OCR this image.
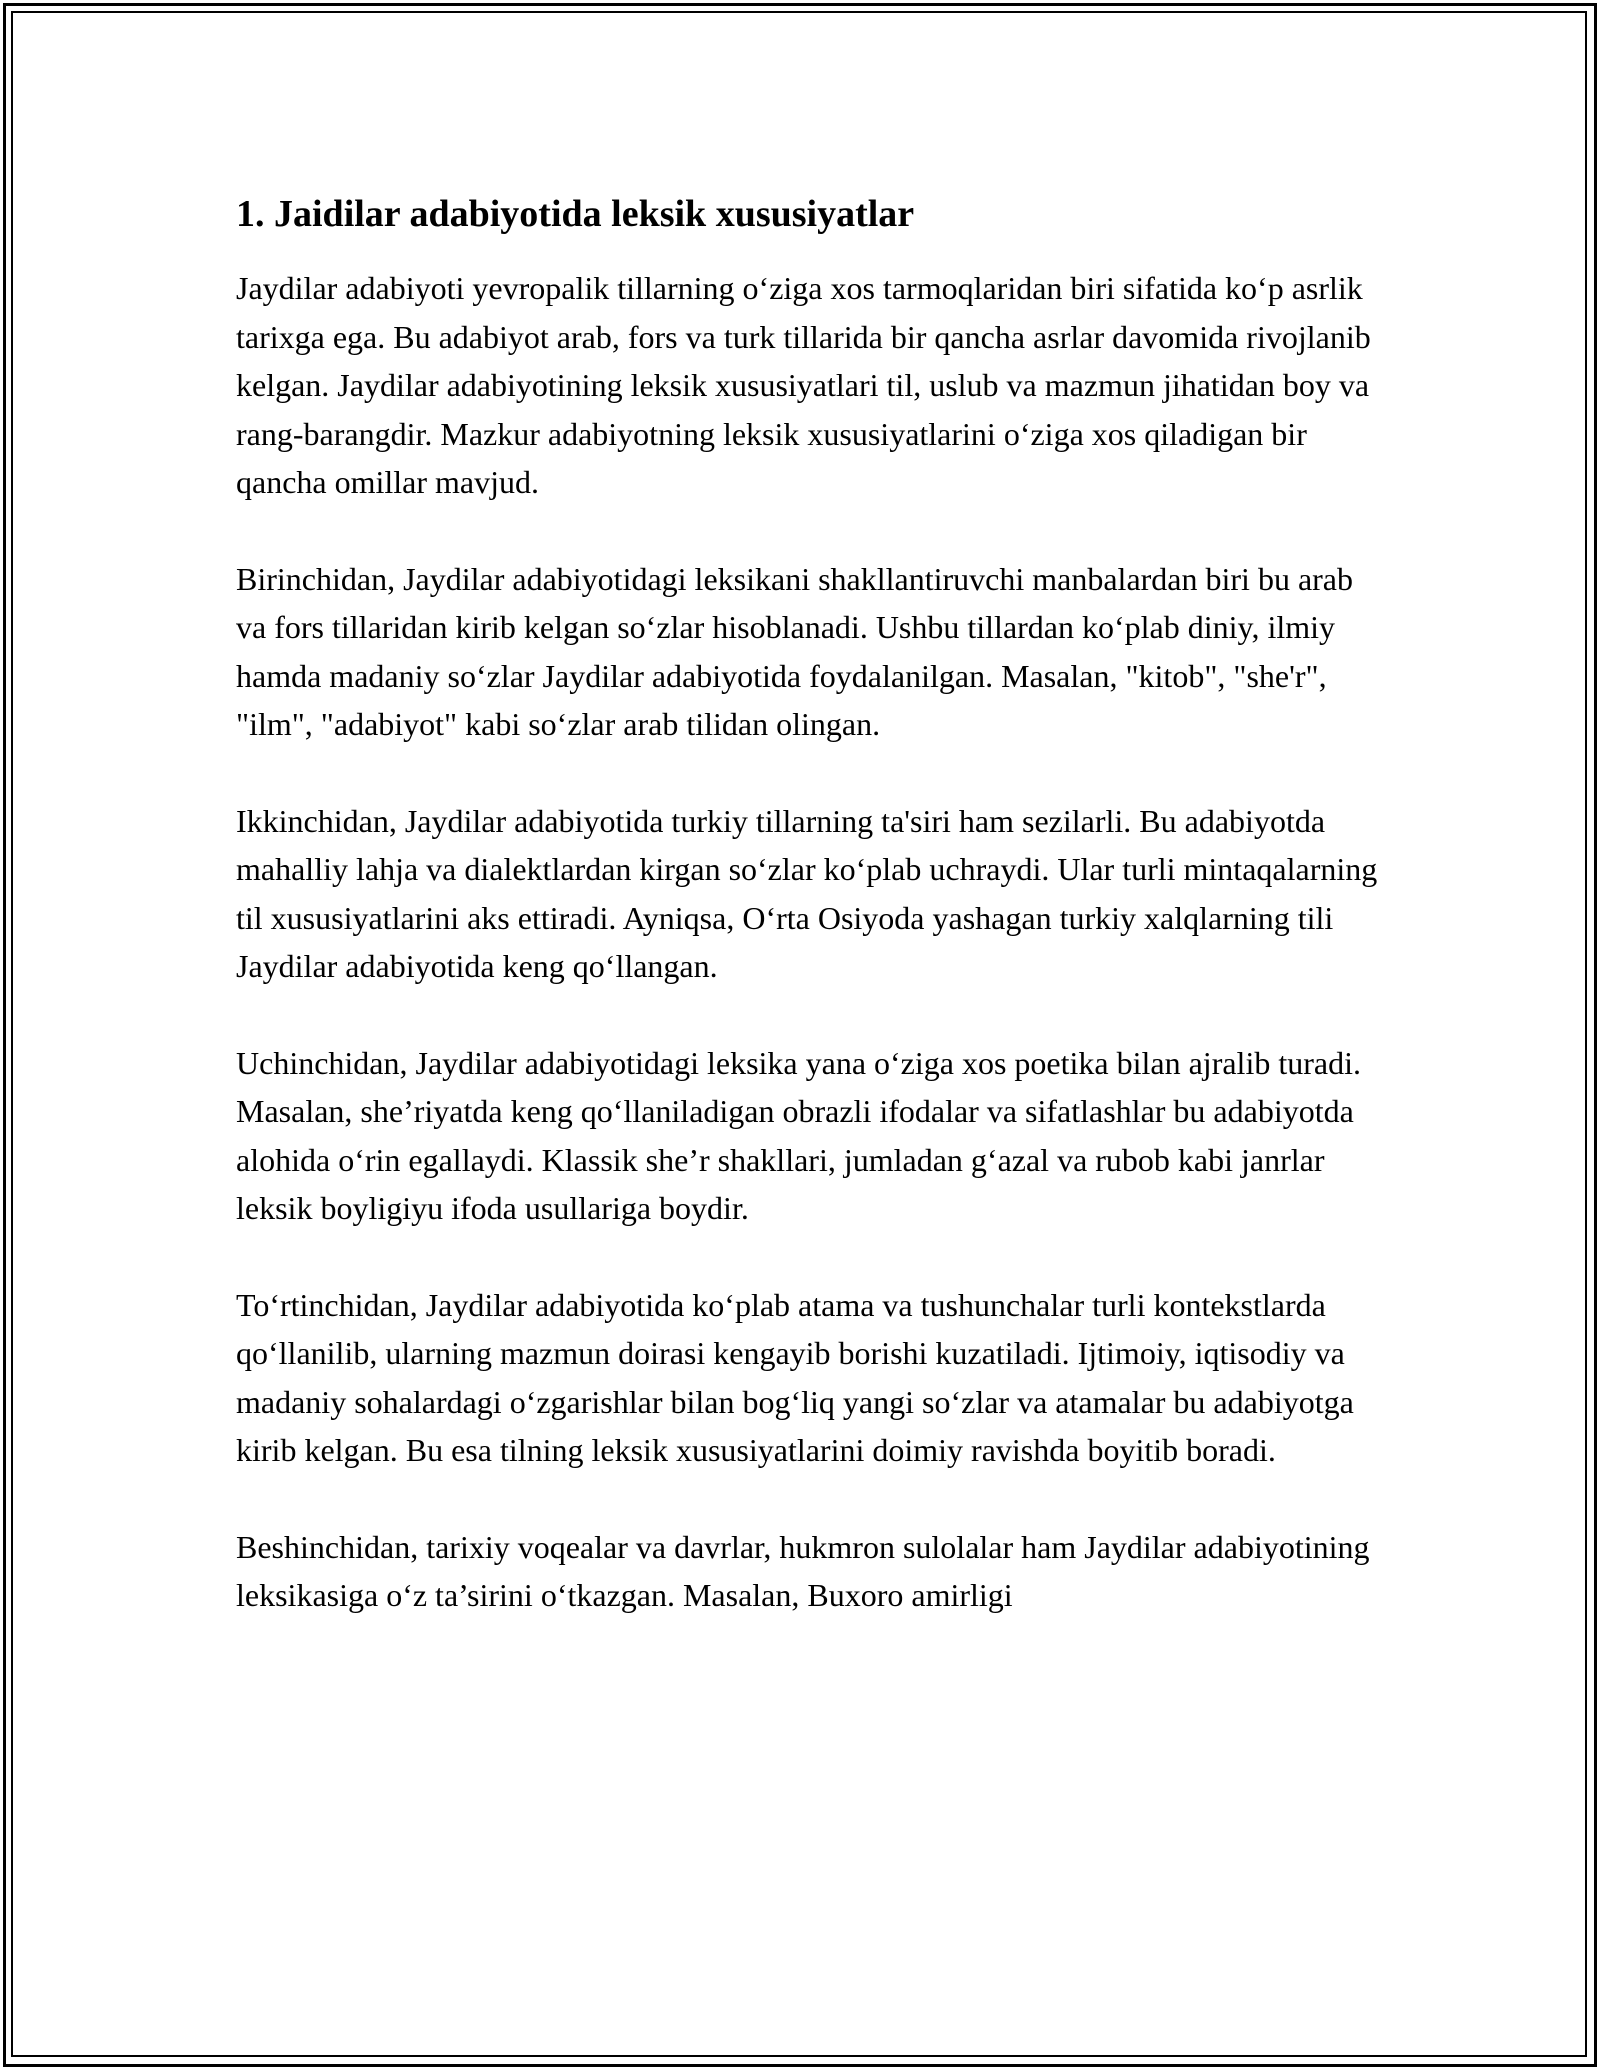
1. Jaidilar adabiyotida leksik xususiyatlar

Jaydilar adabiyoti yevropalik tillarning o‘ziga xos tarmoqlaridan biri sifatida ko‘p asrlik tarixga ega. Bu adabiyot arab, fors va turk tillarida bir qancha asrlar davomida rivojlanib kelgan. Jaydilar adabiyotining leksik xususiyatlari til, uslub va mazmun jihatidan boy va rang-barangdir. Mazkur adabiyotning leksik xususiyatlarini o‘ziga xos qiladigan bir qancha omillar mavjud.

Birinchidan, Jaydilar adabiyotidagi leksikani shakllantiruvchi manbalardan biri bu arab va fors tillaridan kirib kelgan so‘zlar hisoblanadi. Ushbu tillardan ko‘plab diniy, ilmiy hamda madaniy so‘zlar Jaydilar adabiyotida foydalanilgan. Masalan, "kitob", "she'r", "ilm", "adabiyot" kabi so‘zlar arab tilidan olingan.

Ikkinchidan, Jaydilar adabiyotida turkiy tillarning ta'siri ham sezilarli. Bu adabiyotda mahalliy lahja va dialektlardan kirgan so‘zlar ko‘plab uchraydi. Ular turli mintaqalarning til xususiyatlarini aks ettiradi. Ayniqsa, O‘rta Osiyoda yashagan turkiy xalqlarning tili Jaydilar adabiyotida keng qo‘llangan.

Uchinchidan, Jaydilar adabiyotidagi leksika yana o‘ziga xos poetika bilan ajralib turadi. Masalan, she’riyatda keng qo‘llaniladigan obrazli ifodalar va sifatlashlar bu adabiyotda alohida o‘rin egallaydi. Klassik she’r shakllari, jumladan g‘azal va rubob kabi janrlar leksik boyligiyu ifoda usullariga boydir.

To‘rtinchidan, Jaydilar adabiyotida ko‘plab atama va tushunchalar turli kontekstlarda qo‘llanilib, ularning mazmun doirasi kengayib borishi kuzatiladi. Ijtimoiy, iqtisodiy va madaniy sohalardagi o‘zgarishlar bilan bog‘liq yangi so‘zlar va atamalar bu adabiyotga kirib kelgan. Bu esa tilning leksik xususiyatlarini doimiy ravishda boyitib boradi.

Beshinchidan, tarixiy voqealar va davrlar, hukmron sulolalar ham Jaydilar adabiyotining leksikasiga o‘z ta’sirini o‘tkazgan. Masalan, Buxoro amirligi
